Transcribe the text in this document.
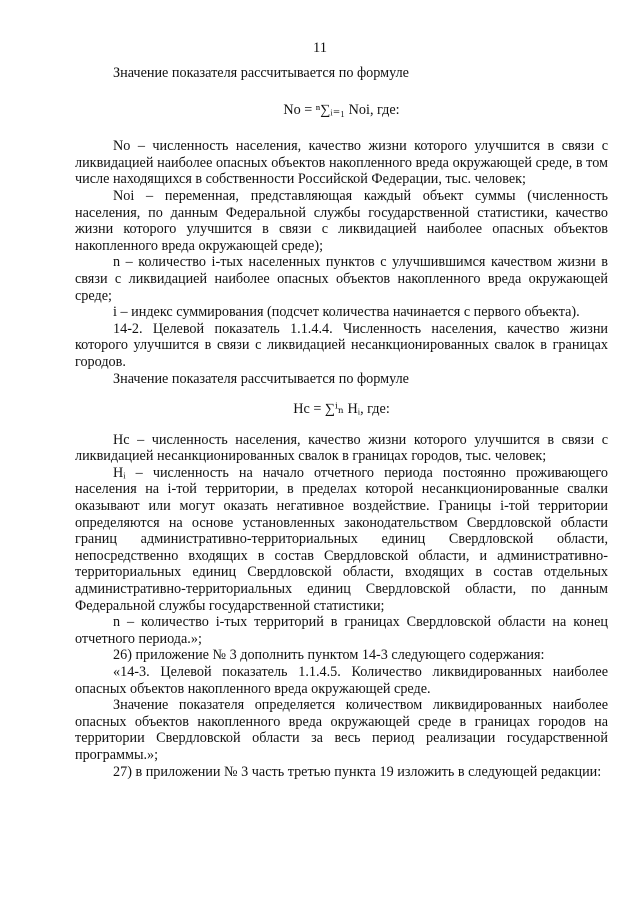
11

Значение показателя рассчитывается по формуле

Nо = ⁿ∑ᵢ₌₁ Nоi, где:

Nо – численность населения, качество жизни которого улучшится в связи с ликвидацией наиболее опасных объектов накопленного вреда окружающей среде, в том числе находящихся в собственности Российской Федерации, тыс. человек;

Nоi – переменная, представляющая каждый объект суммы (численность населения, по данным Федеральной службы государственной статистики, качество жизни которого улучшится в связи с ликвидацией наиболее опасных объектов накопленного вреда окружающей среде);

n – количество i-тых населенных пунктов с улучшившимся качеством жизни в связи с ликвидацией наиболее опасных объектов накопленного вреда окружающей среде;

i – индекс суммирования (подсчет количества начинается с первого объекта).

14-2. Целевой показатель 1.1.4.4. Численность населения, качество жизни которого улучшится в связи с ликвидацией несанкционированных свалок в границах городов.

Значение показателя рассчитывается по формуле

Hс = ∑ⁱₙ Hᵢ, где:

Hс – численность населения, качество жизни которого улучшится в связи с ликвидацией несанкционированных свалок в границах городов, тыс. человек;

Hᵢ – численность на начало отчетного периода постоянно проживающего населения на i-той территории, в пределах которой несанкционированные свалки оказывают или могут оказать негативное воздействие. Границы i-той территории определяются на основе установленных законодательством Свердловской области границ административно-территориальных единиц Свердловской области, непосредственно входящих в состав Свердловской области, и административно-территориальных единиц Свердловской области, входящих в состав отдельных административно-территориальных единиц Свердловской области, по данным Федеральной службы государственной статистики;

n – количество i-тых территорий в границах Свердловской области на конец отчетного периода.»;

26) приложение № 3 дополнить пунктом 14-3 следующего содержания:

«14-3. Целевой показатель 1.1.4.5. Количество ликвидированных наиболее опасных объектов накопленного вреда окружающей среде.

Значение показателя определяется количеством ликвидированных наиболее опасных объектов накопленного вреда окружающей среде в границах городов на территории Свердловской области за весь период реализации государственной программы.»;

27) в приложении № 3 часть третью пункта 19 изложить в следующей редакции:
